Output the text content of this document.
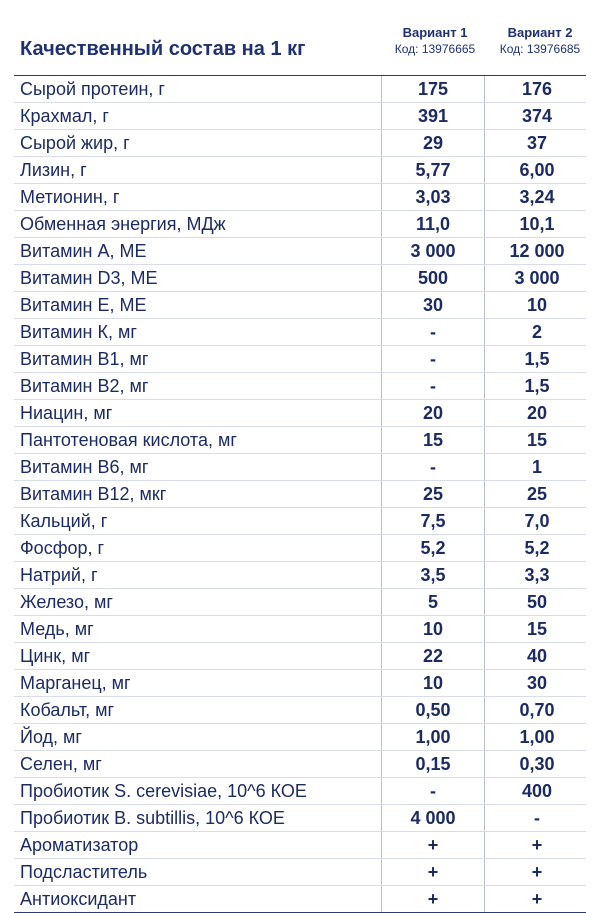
Качественный состав на 1 кг
Вариант 1
Код: 13976665
Вариант 2
Код: 13976685
Сырой протеин, г	175	176
Крахмал, г	391	374
Сырой жир, г	29	37
Лизин, г	5,77	6,00
Метионин, г	3,03	3,24
Обменная энергия, МДж	11,0	10,1
Витамин А, МЕ	3 000	12 000
Витамин D3, МЕ	500	3 000
Витамин Е, МЕ	30	10
Витамин К, мг	-	2
Витамин В1, мг	-	1,5
Витамин В2, мг	-	1,5
Ниацин, мг	20	20
Пантотеновая кислота, мг	15	15
Витамин В6, мг	-	1
Витамин В12, мкг	25	25
Кальций, г	7,5	7,0
Фосфор, г	5,2	5,2
Натрий, г	3,5	3,3
Железо, мг	5	50
Медь, мг	10	15
Цинк, мг	22	40
Марганец, мг	10	30
Кобальт, мг	0,50	0,70
Йод, мг	1,00	1,00
Селен, мг	0,15	0,30
Пробиотик S. cerevisiae, 10^6 КОЕ	-	400
Пробиотик B. subtillis, 10^6 КОЕ	4 000	-
Ароматизатор	+	+
Подсластитель	+	+
Антиоксидант	+	+
